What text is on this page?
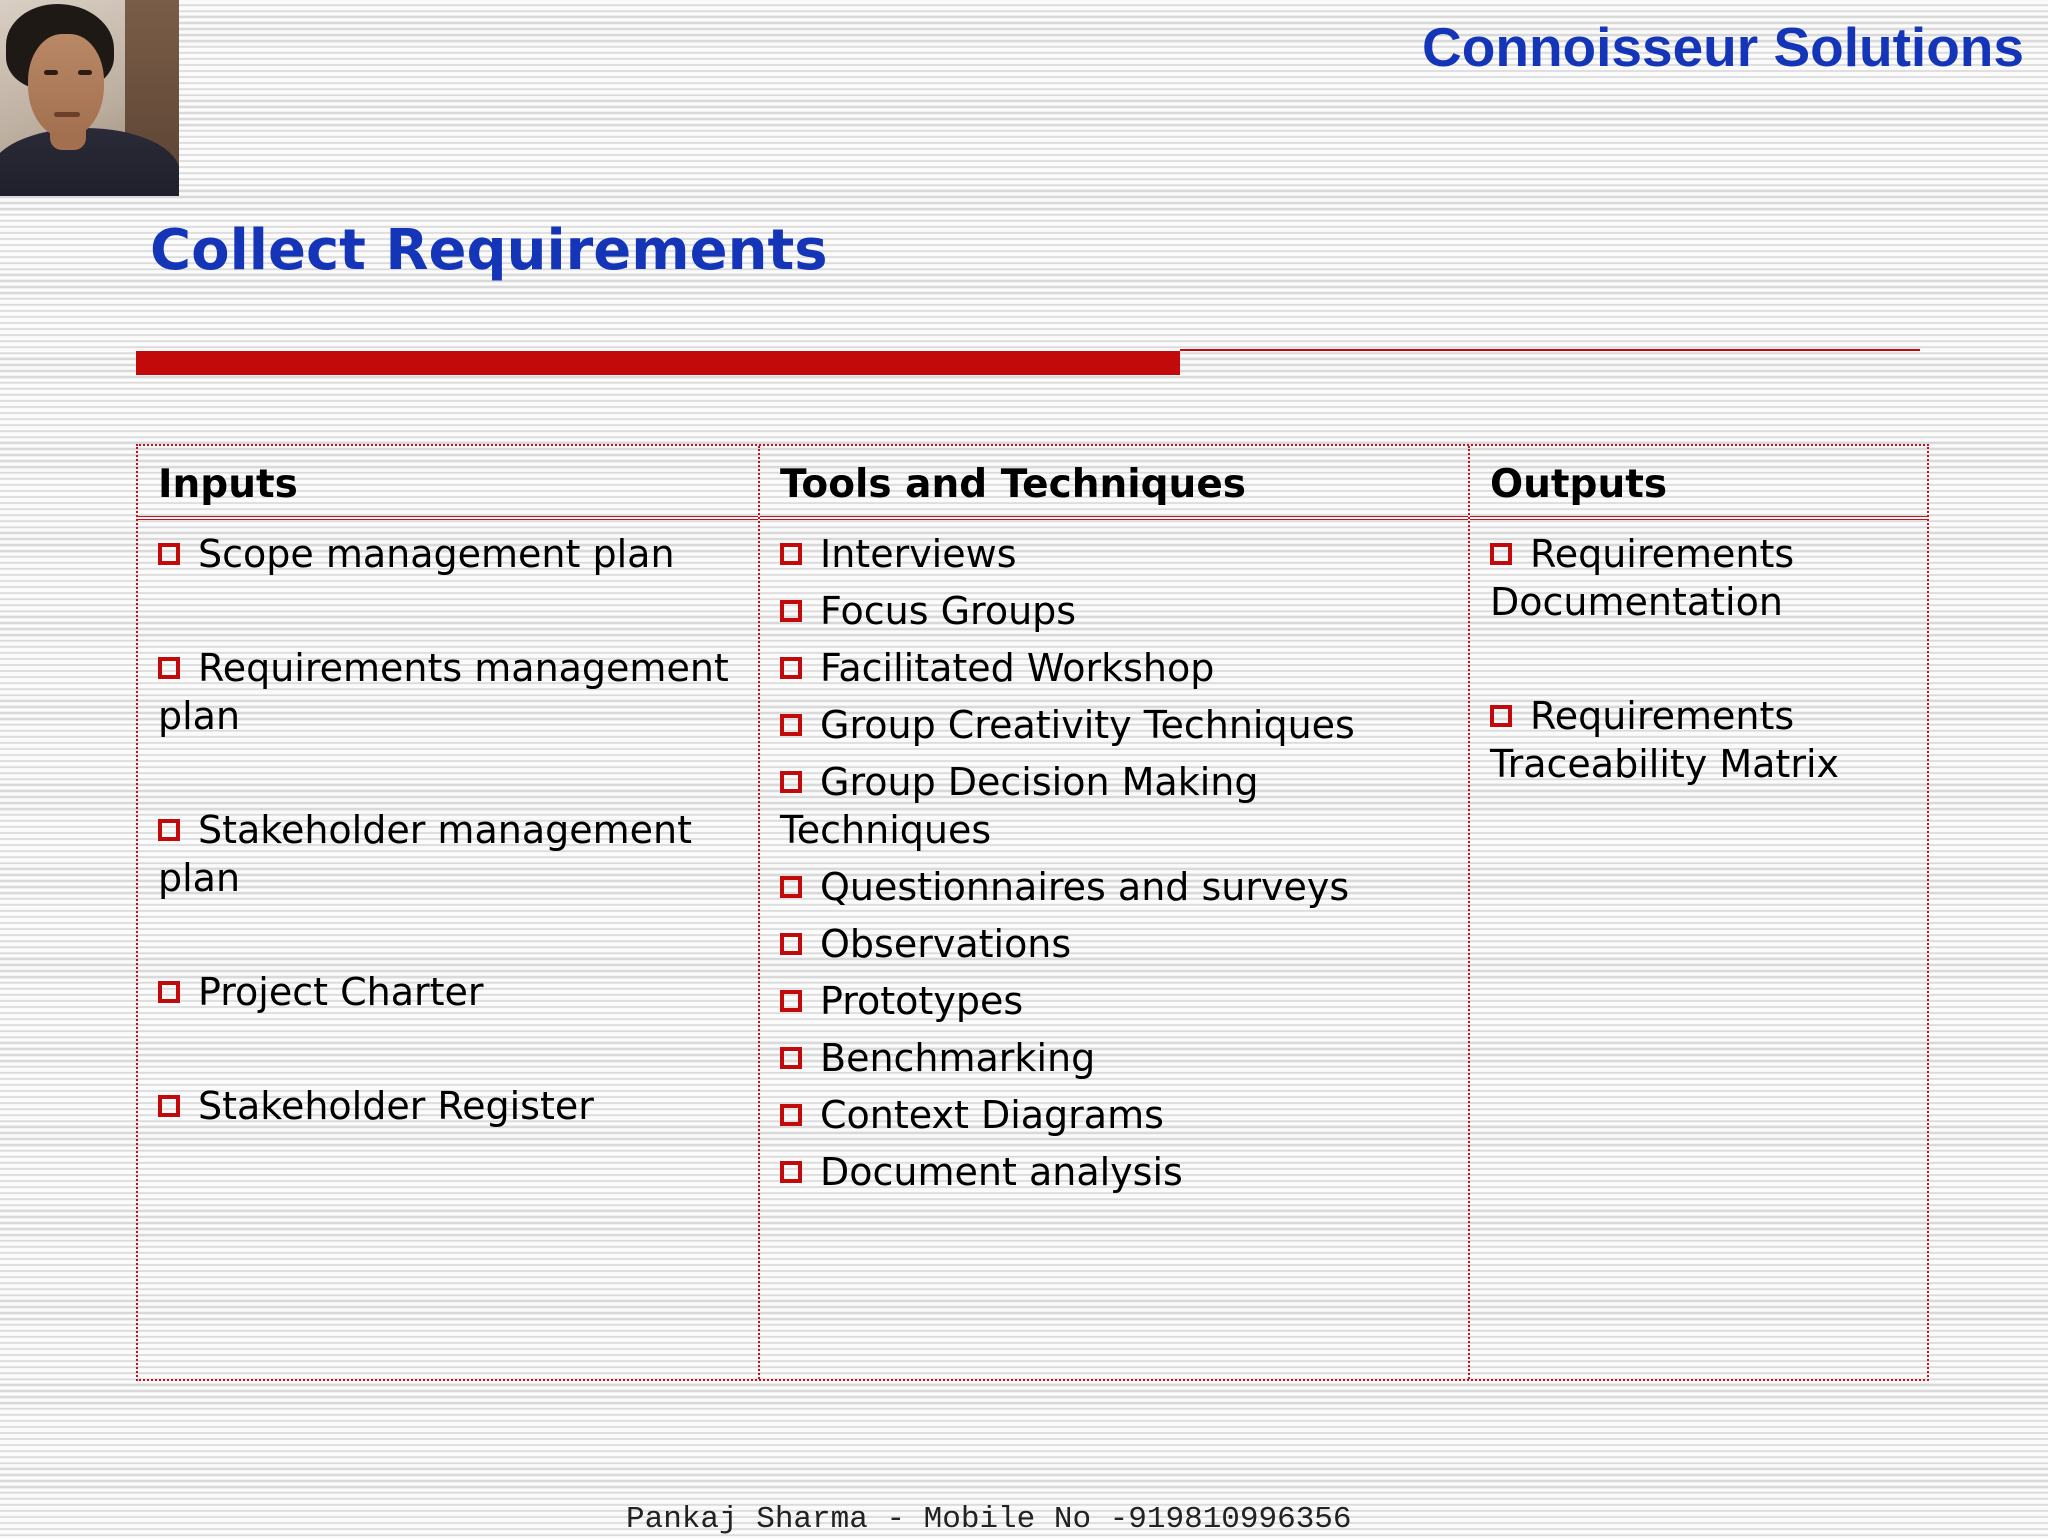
Connoisseur Solutions
Collect Requirements
Inputs

Scope management plan

Requirements management plan

Stakeholder management plan

Project Charter

Stakeholder Register

Tools and Techniques

Interviews

Focus Groups

Facilitated Workshop

Group Creativity Techniques

Group Decision Making Techniques

Questionnaires and surveys

Observations

Prototypes

Benchmarking

Context Diagrams

Document analysis

Outputs

Requirements Documentation

Requirements Traceability Matrix

Pankaj Sharma - Mobile No -919810996356
